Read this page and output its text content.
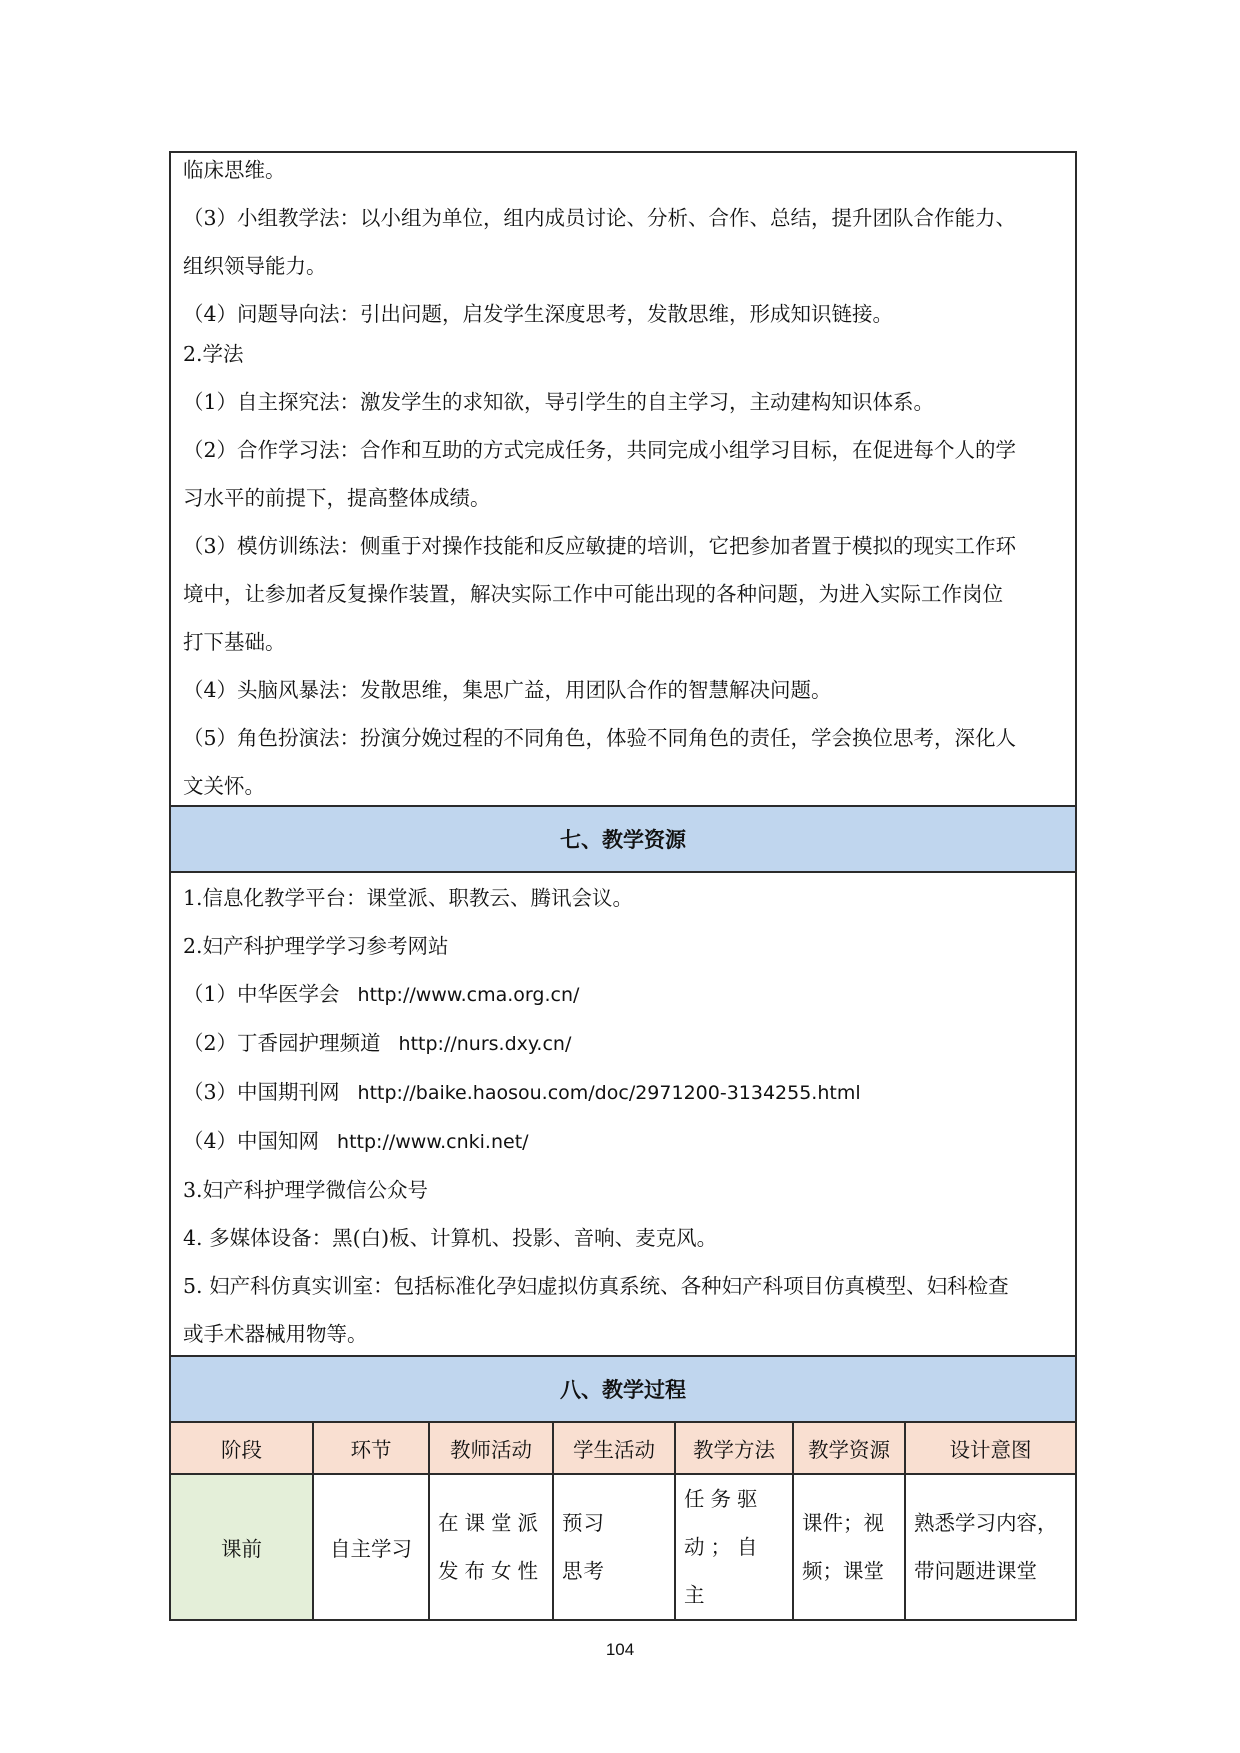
临床思维。

（3）小组教学法：以小组为单位，组内成员讨论、分析、合作、总结，提升团队合作能力、

组织领导能力。

（4）问题导向法：引出问题，启发学生深度思考，发散思维，形成知识链接。

2.学法

（1）自主探究法：激发学生的求知欲，导引学生的自主学习，主动建构知识体系。

（2）合作学习法：合作和互助的方式完成任务，共同完成小组学习目标，在促进每个人的学

习水平的前提下，提高整体成绩。

（3）模仿训练法：侧重于对操作技能和反应敏捷的培训，它把参加者置于模拟的现实工作环

境中，让参加者反复操作装置，解决实际工作中可能出现的各种问题，为进入实际工作岗位

打下基础。

（4）头脑风暴法：发散思维，集思广益，用团队合作的智慧解决问题。

（5）角色扮演法：扮演分娩过程的不同角色，体验不同角色的责任，学会换位思考，深化人

文关怀。

七、教学资源

1.信息化教学平台：课堂派、职教云、腾讯会议。

2.妇产科护理学学习参考网站

（1）中华医学会 http://www.cma.org.cn/

（2）丁香园护理频道 http://nurs.dxy.cn/

（3）中国期刊网 http://baike.haosou.com/doc/2971200-3134255.html

（4）中国知网 http://www.cnki.net/

3.妇产科护理学微信公众号

4. 多媒体设备：黑(白)板、计算机、投影、音响、麦克风。

5. 妇产科仿真实训室：包括标准化孕妇虚拟仿真系统、各种妇产科项目仿真模型、妇科检查

或手术器械用物等。

八、教学过程
阶段	环节	教师活动	学生活动	教学方法	教学资源	设计意图
课前	自主学习	在课堂派发布女性	预习思考	任务驱动；自主	课件；视频；课堂	熟悉学习内容，带问题进课堂
104
